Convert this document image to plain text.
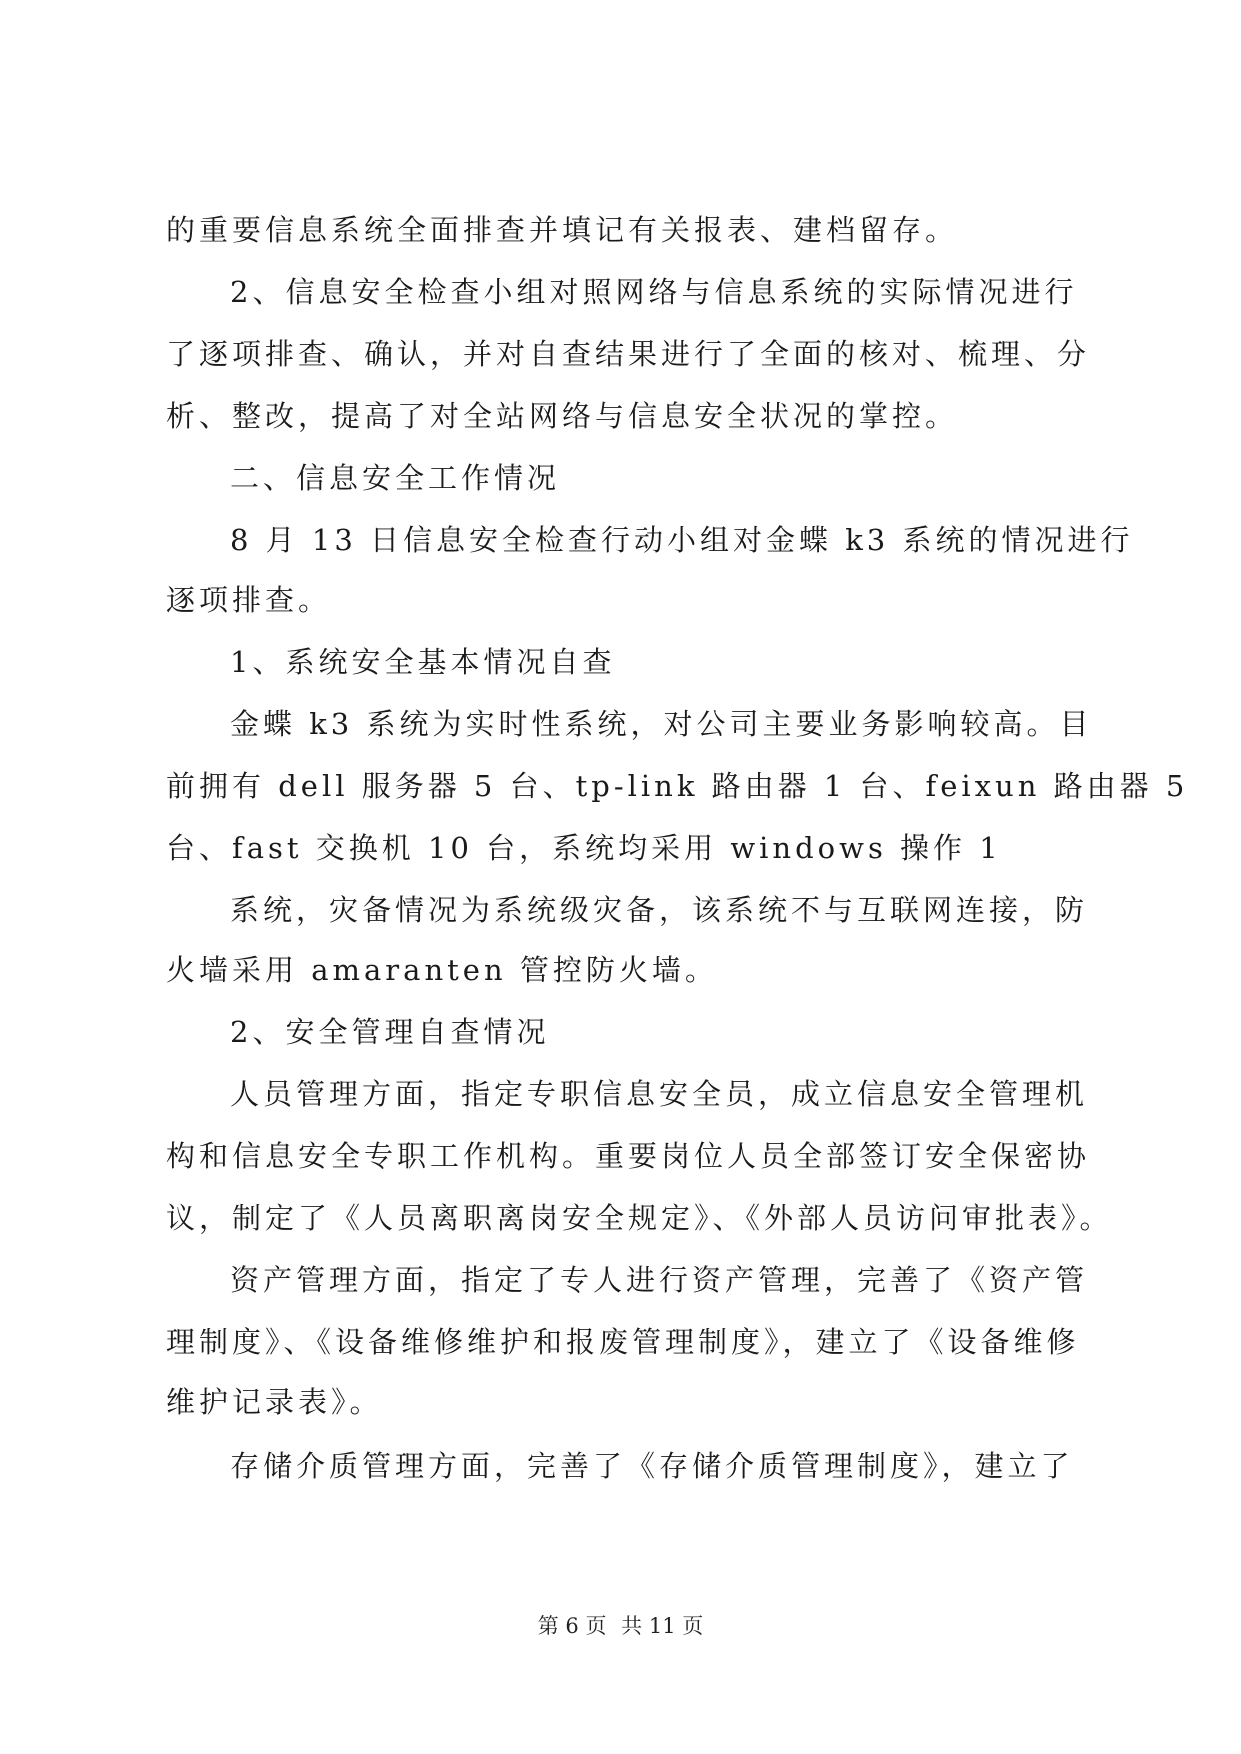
的重要信息系统全面排查并填记有关报表、建档留存。
2、信息安全检查小组对照网络与信息系统的实际情况进行
了逐项排查、确认，并对自查结果进行了全面的核对、梳理、分
析、整改，提高了对全站网络与信息安全状况的掌控。
二、信息安全工作情况
8 月 13 日信息安全检查行动小组对金蝶 k3 系统的情况进行
逐项排查。
1、系统安全基本情况自查
金蝶 k3 系统为实时性系统，对公司主要业务影响较高。目
前拥有 dell 服务器 5 台、tp-link 路由器 1 台、feixun 路由器 5
台、fast 交换机 10 台，系统均采用 windows 操作 1
系统，灾备情况为系统级灾备，该系统不与互联网连接，防
火墙采用 amaranten 管控防火墙。
2、安全管理自查情况
人员管理方面，指定专职信息安全员，成立信息安全管理机
构和信息安全专职工作机构。重要岗位人员全部签订安全保密协
议，制定了《人员离职离岗安全规定》、《外部人员访问审批表》。
资产管理方面，指定了专人进行资产管理，完善了《资产管
理制度》、《设备维修维护和报废管理制度》，建立了《设备维修
维护记录表》。
存储介质管理方面，完善了《存储介质管理制度》，建立了
第 6 页 共 11 页
